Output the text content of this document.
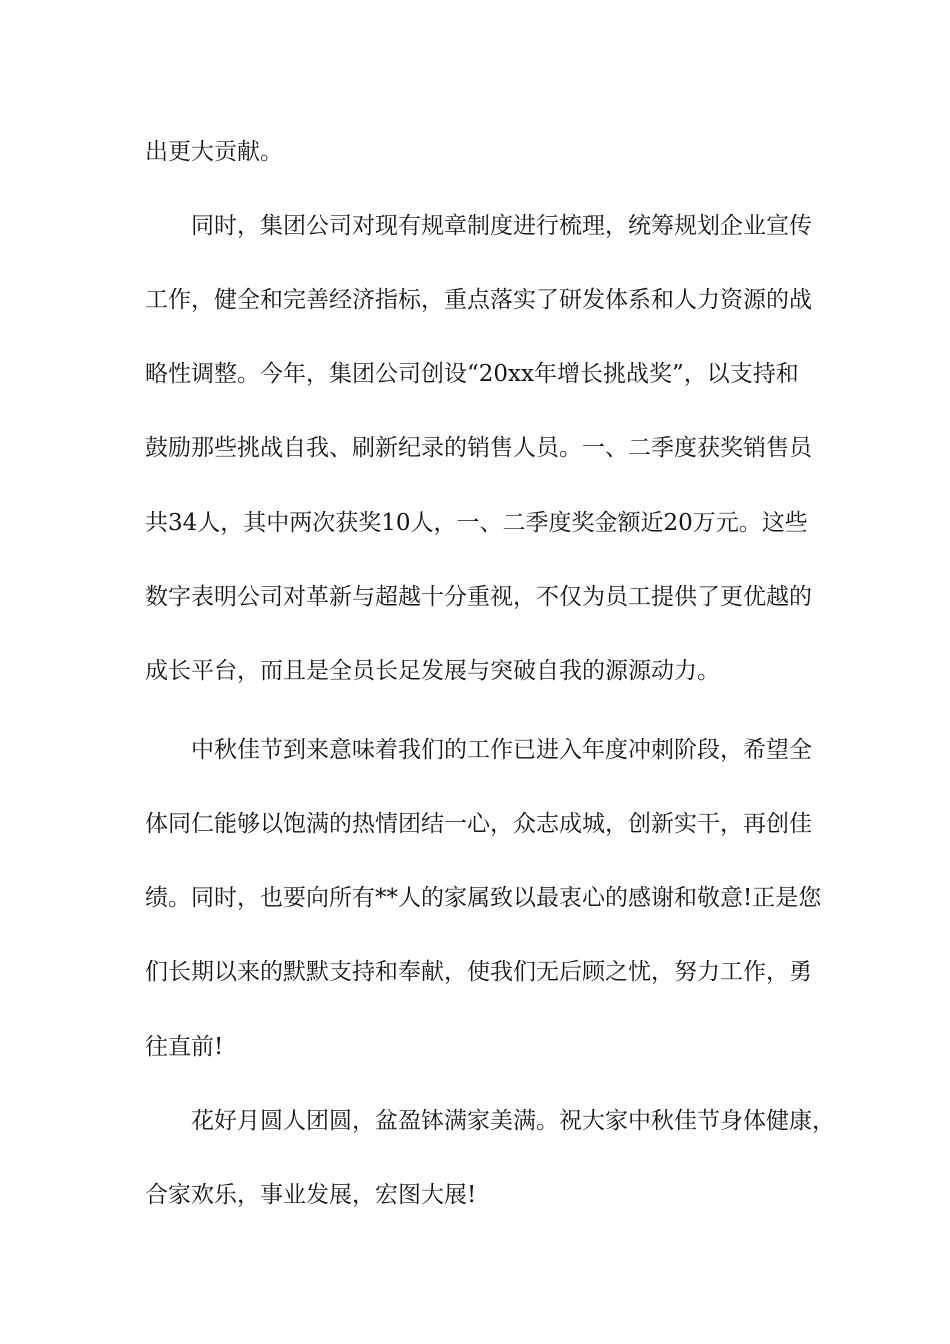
出更大贡献。

同时，集团公司对现有规章制度进行梳理，统筹规划企业宣传

工作，健全和完善经济指标，重点落实了研发体系和人力资源的战

略性调整。今年，集团公司创设“20xx年增长挑战奖”，以支持和

鼓励那些挑战自我、刷新纪录的销售人员。一、二季度获奖销售员

共34人，其中两次获奖10人，一、二季度奖金额近20万元。这些

数字表明公司对革新与超越十分重视，不仅为员工提供了更优越的

成长平台，而且是全员长足发展与突破自我的源源动力。

中秋佳节到来意味着我们的工作已进入年度冲刺阶段，希望全

体同仁能够以饱满的热情团结一心，众志成城，创新实干，再创佳

绩。同时，也要向所有**人的家属致以最衷心的感谢和敬意!正是您

们长期以来的默默支持和奉献，使我们无后顾之忧，努力工作，勇

往直前!

花好月圆人团圆，盆盈钵满家美满。祝大家中秋佳节身体健康，

合家欢乐，事业发展，宏图大展!
